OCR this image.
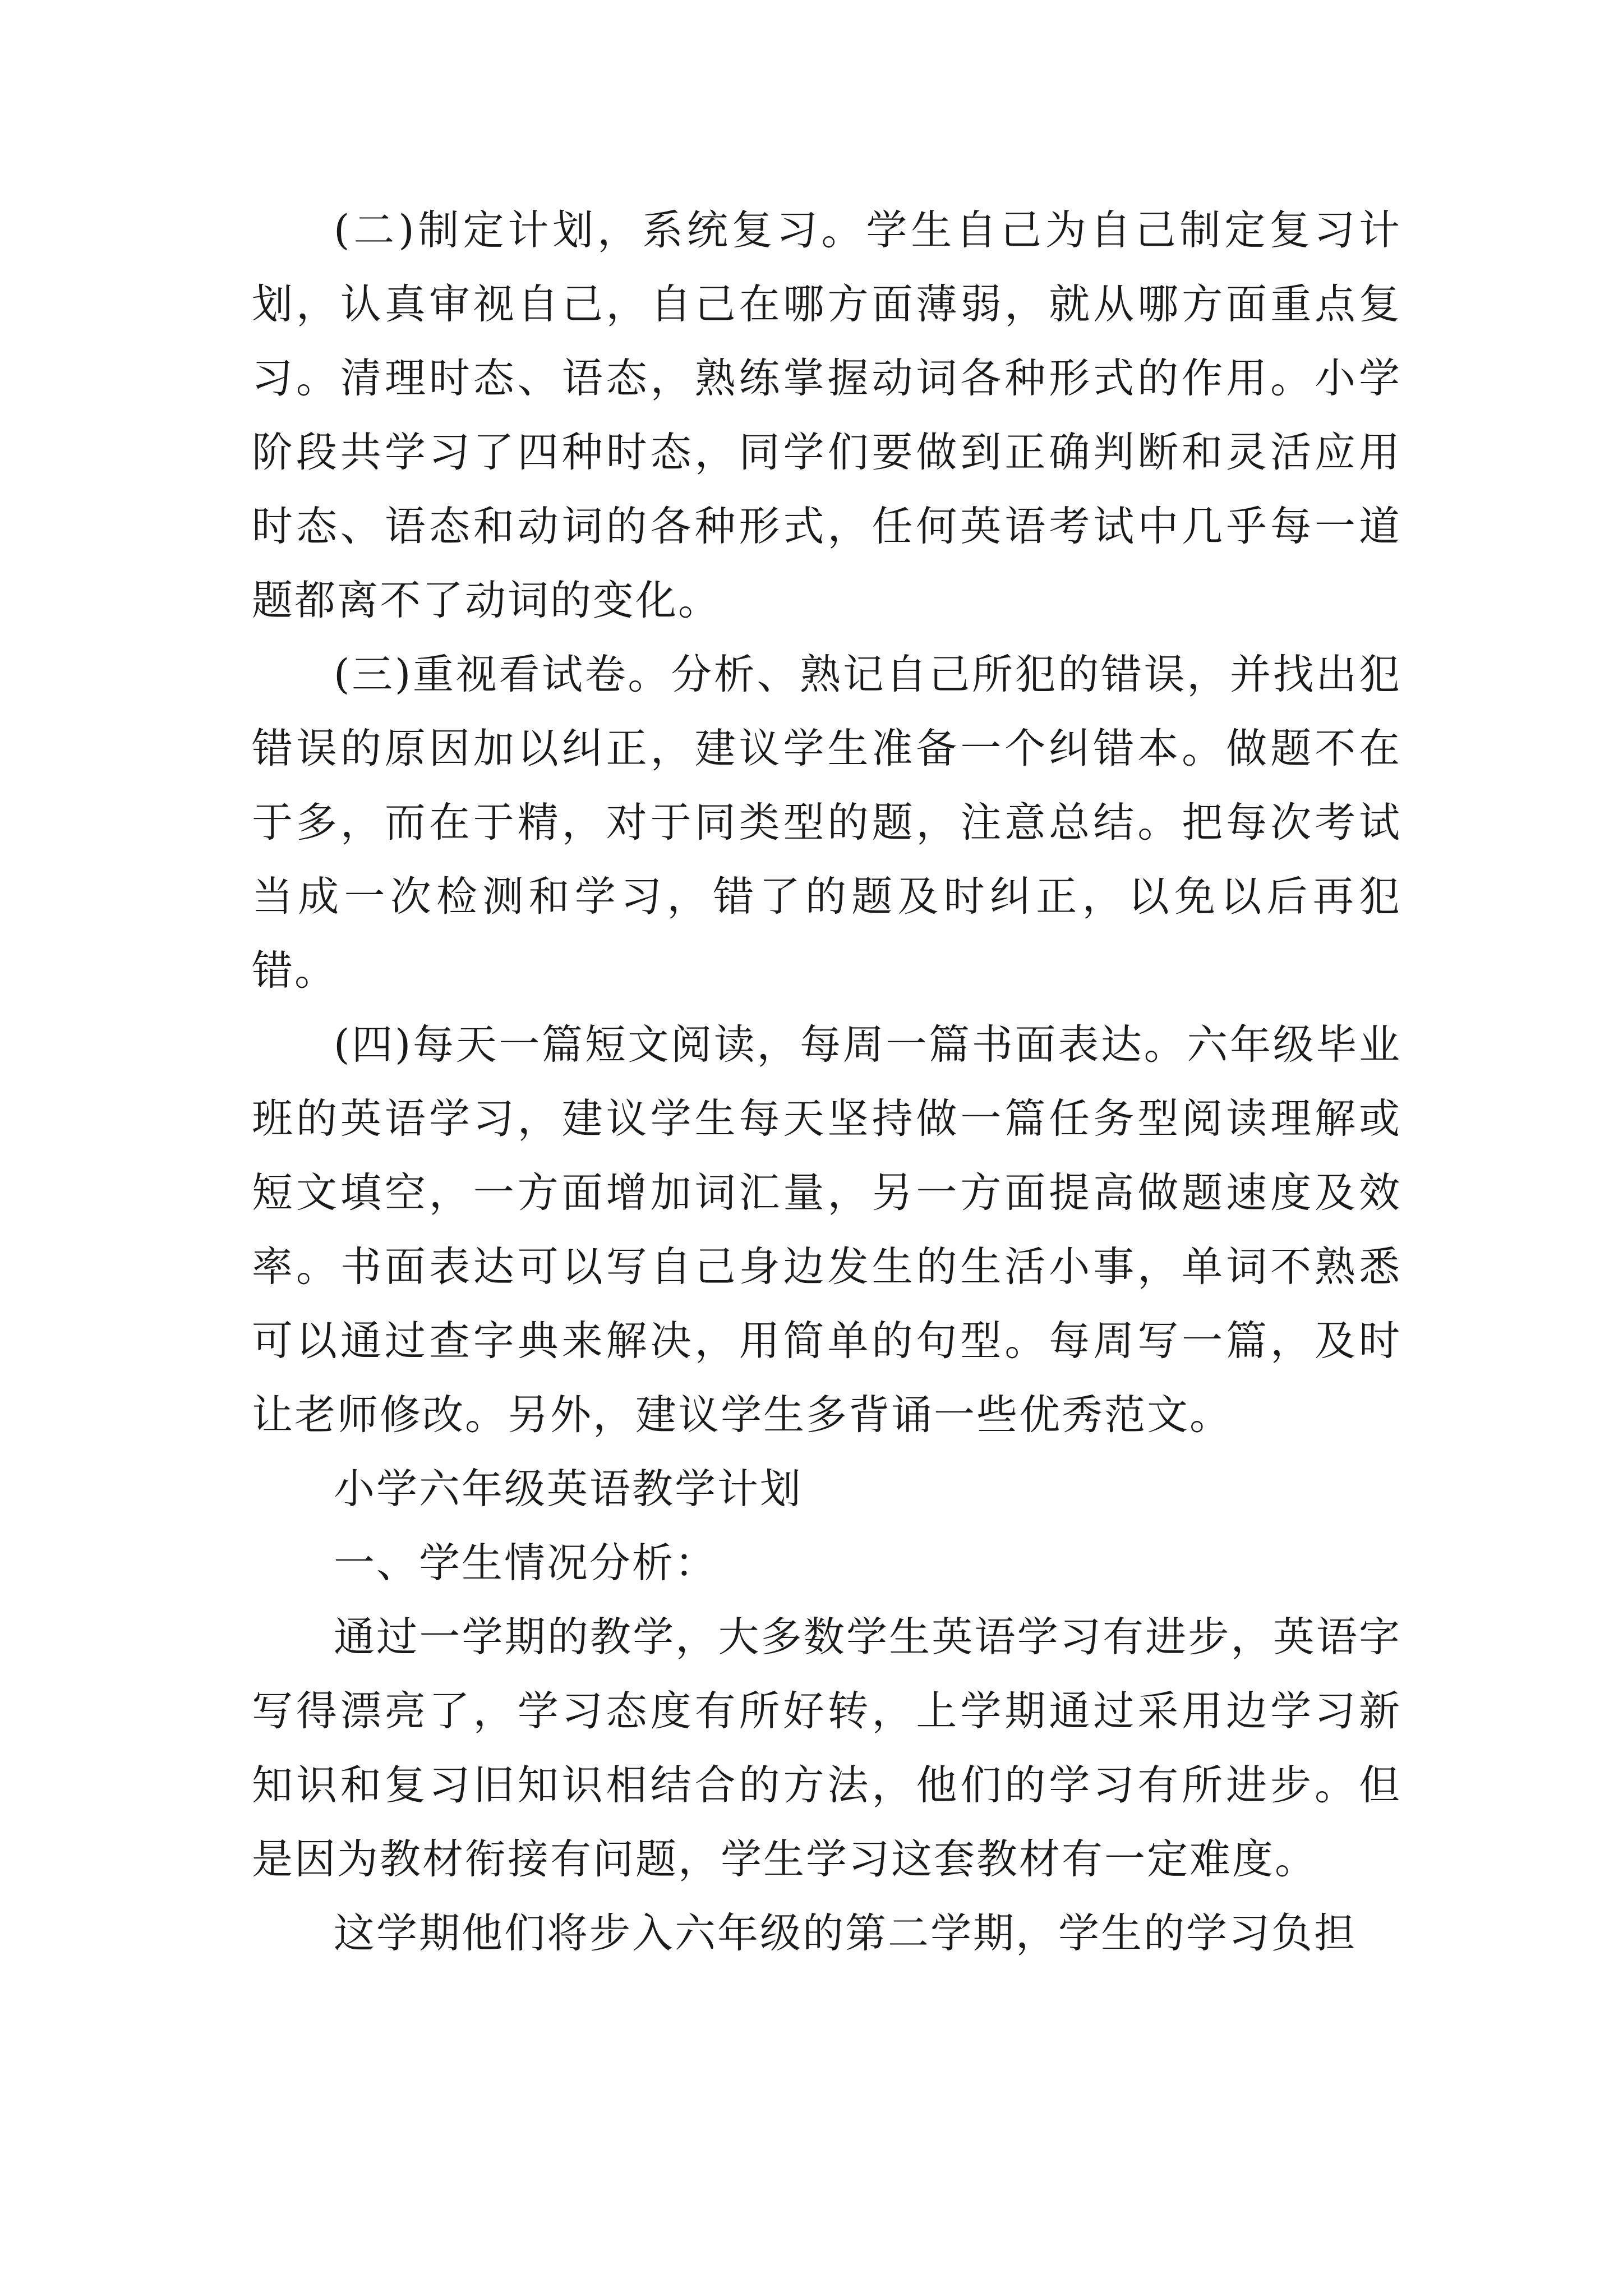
(二)制定计划，系统复习。学生自己为自己制定复习计划，认真审视自己，自己在哪方面薄弱，就从哪方面重点复习。清理时态、语态，熟练掌握动词各种形式的作用。小学阶段共学习了四种时态，同学们要做到正确判断和灵活应用时态、语态和动词的各种形式，任何英语考试中几乎每一道题都离不了动词的变化。

(三)重视看试卷。分析、熟记自己所犯的错误，并找出犯错误的原因加以纠正，建议学生准备一个纠错本。做题不在于多，而在于精，对于同类型的题，注意总结。把每次考试当成一次检测和学习，错了的题及时纠正，以免以后再犯错。

(四)每天一篇短文阅读，每周一篇书面表达。六年级毕业班的英语学习，建议学生每天坚持做一篇任务型阅读理解或短文填空，一方面增加词汇量，另一方面提高做题速度及效率。书面表达可以写自己身边发生的生活小事，单词不熟悉可以通过查字典来解决，用简单的句型。每周写一篇，及时让老师修改。另外，建议学生多背诵一些优秀范文。

小学六年级英语教学计划

一、学生情况分析：

通过一学期的教学，大多数学生英语学习有进步，英语字写得漂亮了，学习态度有所好转，上学期通过采用边学习新知识和复习旧知识相结合的方法，他们的学习有所进步。但是因为教材衔接有问题，学生学习这套教材有一定难度。

这学期他们将步入六年级的第二学期，学生的学习负担
